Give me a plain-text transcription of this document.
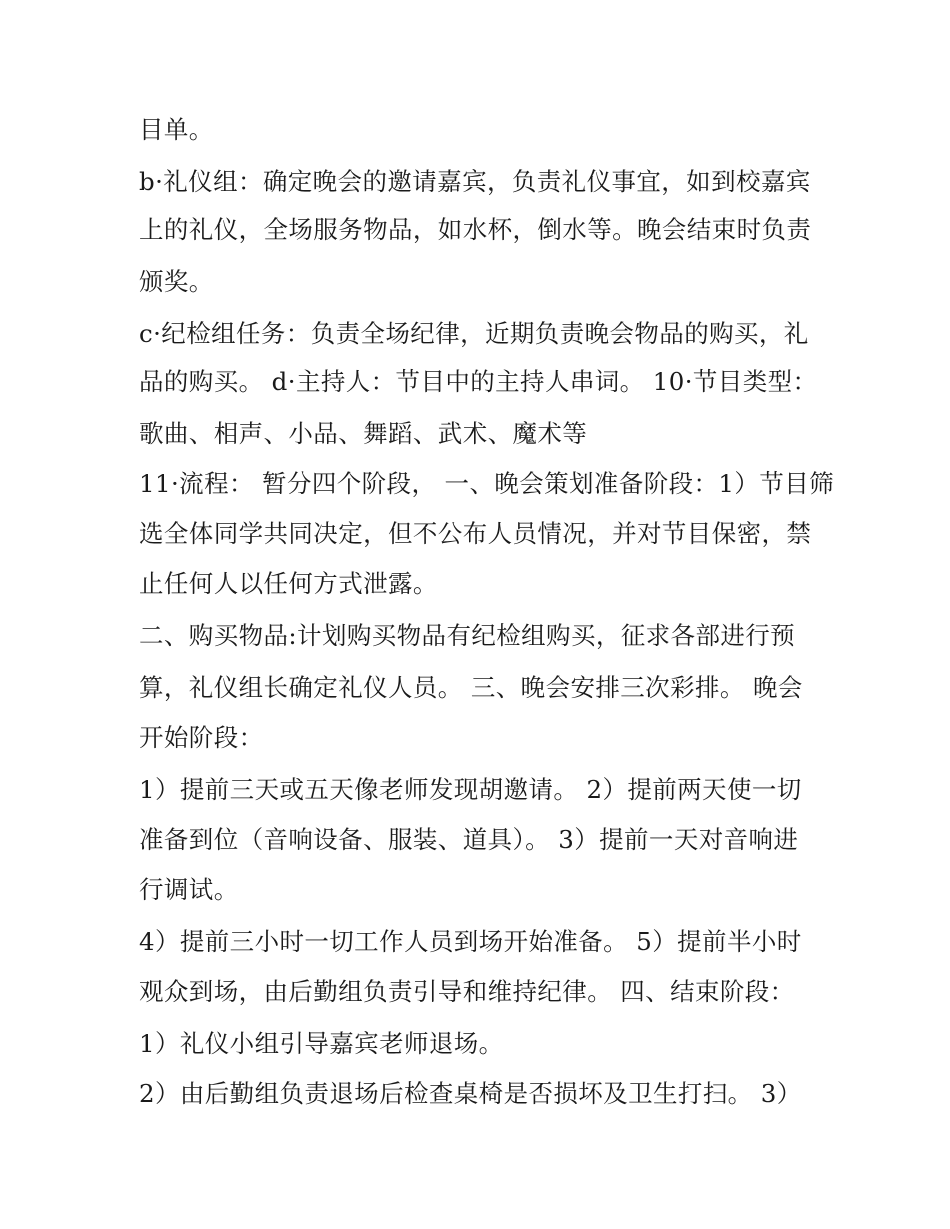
目单。
b·礼仪组：确定晚会的邀请嘉宾，负责礼仪事宜，如到校嘉宾
上的礼仪，全场服务物品，如水杯，倒水等。晚会结束时负责
颁奖。
c·纪检组任务：负责全场纪律，近期负责晚会物品的购买，礼
品的购买。 d·主持人：节目中的主持人串词。 10·节目类型：
歌曲、相声、小品、舞蹈、武术、魔术等
11·流程： 暂分四个阶段， 一、晚会策划准备阶段：1）节目筛
选全体同学共同决定，但不公布人员情况，并对节目保密，禁
止任何人以任何方式泄露。
二、购买物品:计划购买物品有纪检组购买，征求各部进行预
算，礼仪组长确定礼仪人员。 三、晚会安排三次彩排。 晚会
开始阶段：
1）提前三天或五天像老师发现胡邀请。 2）提前两天使一切
准备到位（音响设备、服装、道具）。 3）提前一天对音响进
行调试。
4）提前三小时一切工作人员到场开始准备。 5）提前半小时
观众到场，由后勤组负责引导和维持纪律。 四、结束阶段：
1）礼仪小组引导嘉宾老师退场。
2）由后勤组负责退场后检查桌椅是否损坏及卫生打扫。 3）
